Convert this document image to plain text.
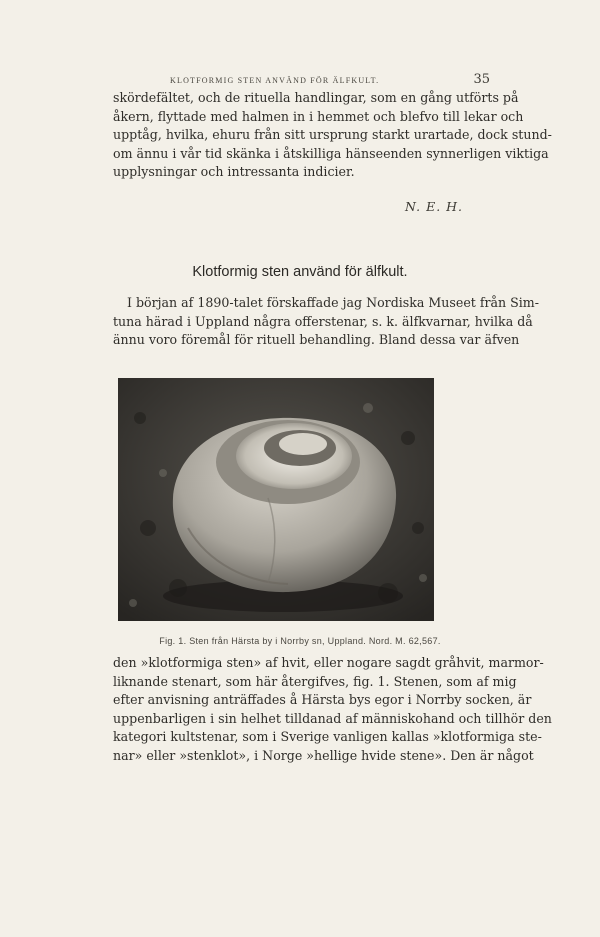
KLOTFORMIG STEN ANVÄND FÖR ÄLFKULT.	35
skördefältet, och de rituella handlingar, som en gång utförts på
åkern, flyttade med halmen in i hemmet och blefvo till lekar och
upptåg, hvilka, ehuru från sitt ursprung starkt urartade, dock stund-
om ännu i vår tid skänka i åtskilliga hänseenden synnerligen viktiga
upplysningar och intressanta indicier.
N. E. H.
Klotformig sten använd för älfkult.
I början af 1890-talet förskaffade jag Nordiska Museet från Sim-
tuna härad i Uppland några offerstenar, s. k. älfkvarnar, hvilka då
ännu voro föremål för rituell behandling. Bland dessa var äfven
Fig. 1. Sten från Härsta by i Norrby sn, Uppland. Nord. M. 62,567.
den »klotformiga sten» af hvit, eller nogare sagdt gråhvit, marmor-
liknande stenart, som här återgifves, fig. 1. Stenen, som af mig
efter anvisning anträffades å Härsta bys egor i Norrby socken, är
uppenbarligen i sin helhet tilldanad af människohand och tillhör den
kategori kultstenar, som i Sverige vanligen kallas »klotformiga ste-
nar» eller »stenklot», i Norge »hellige hvide stene». Den är något
